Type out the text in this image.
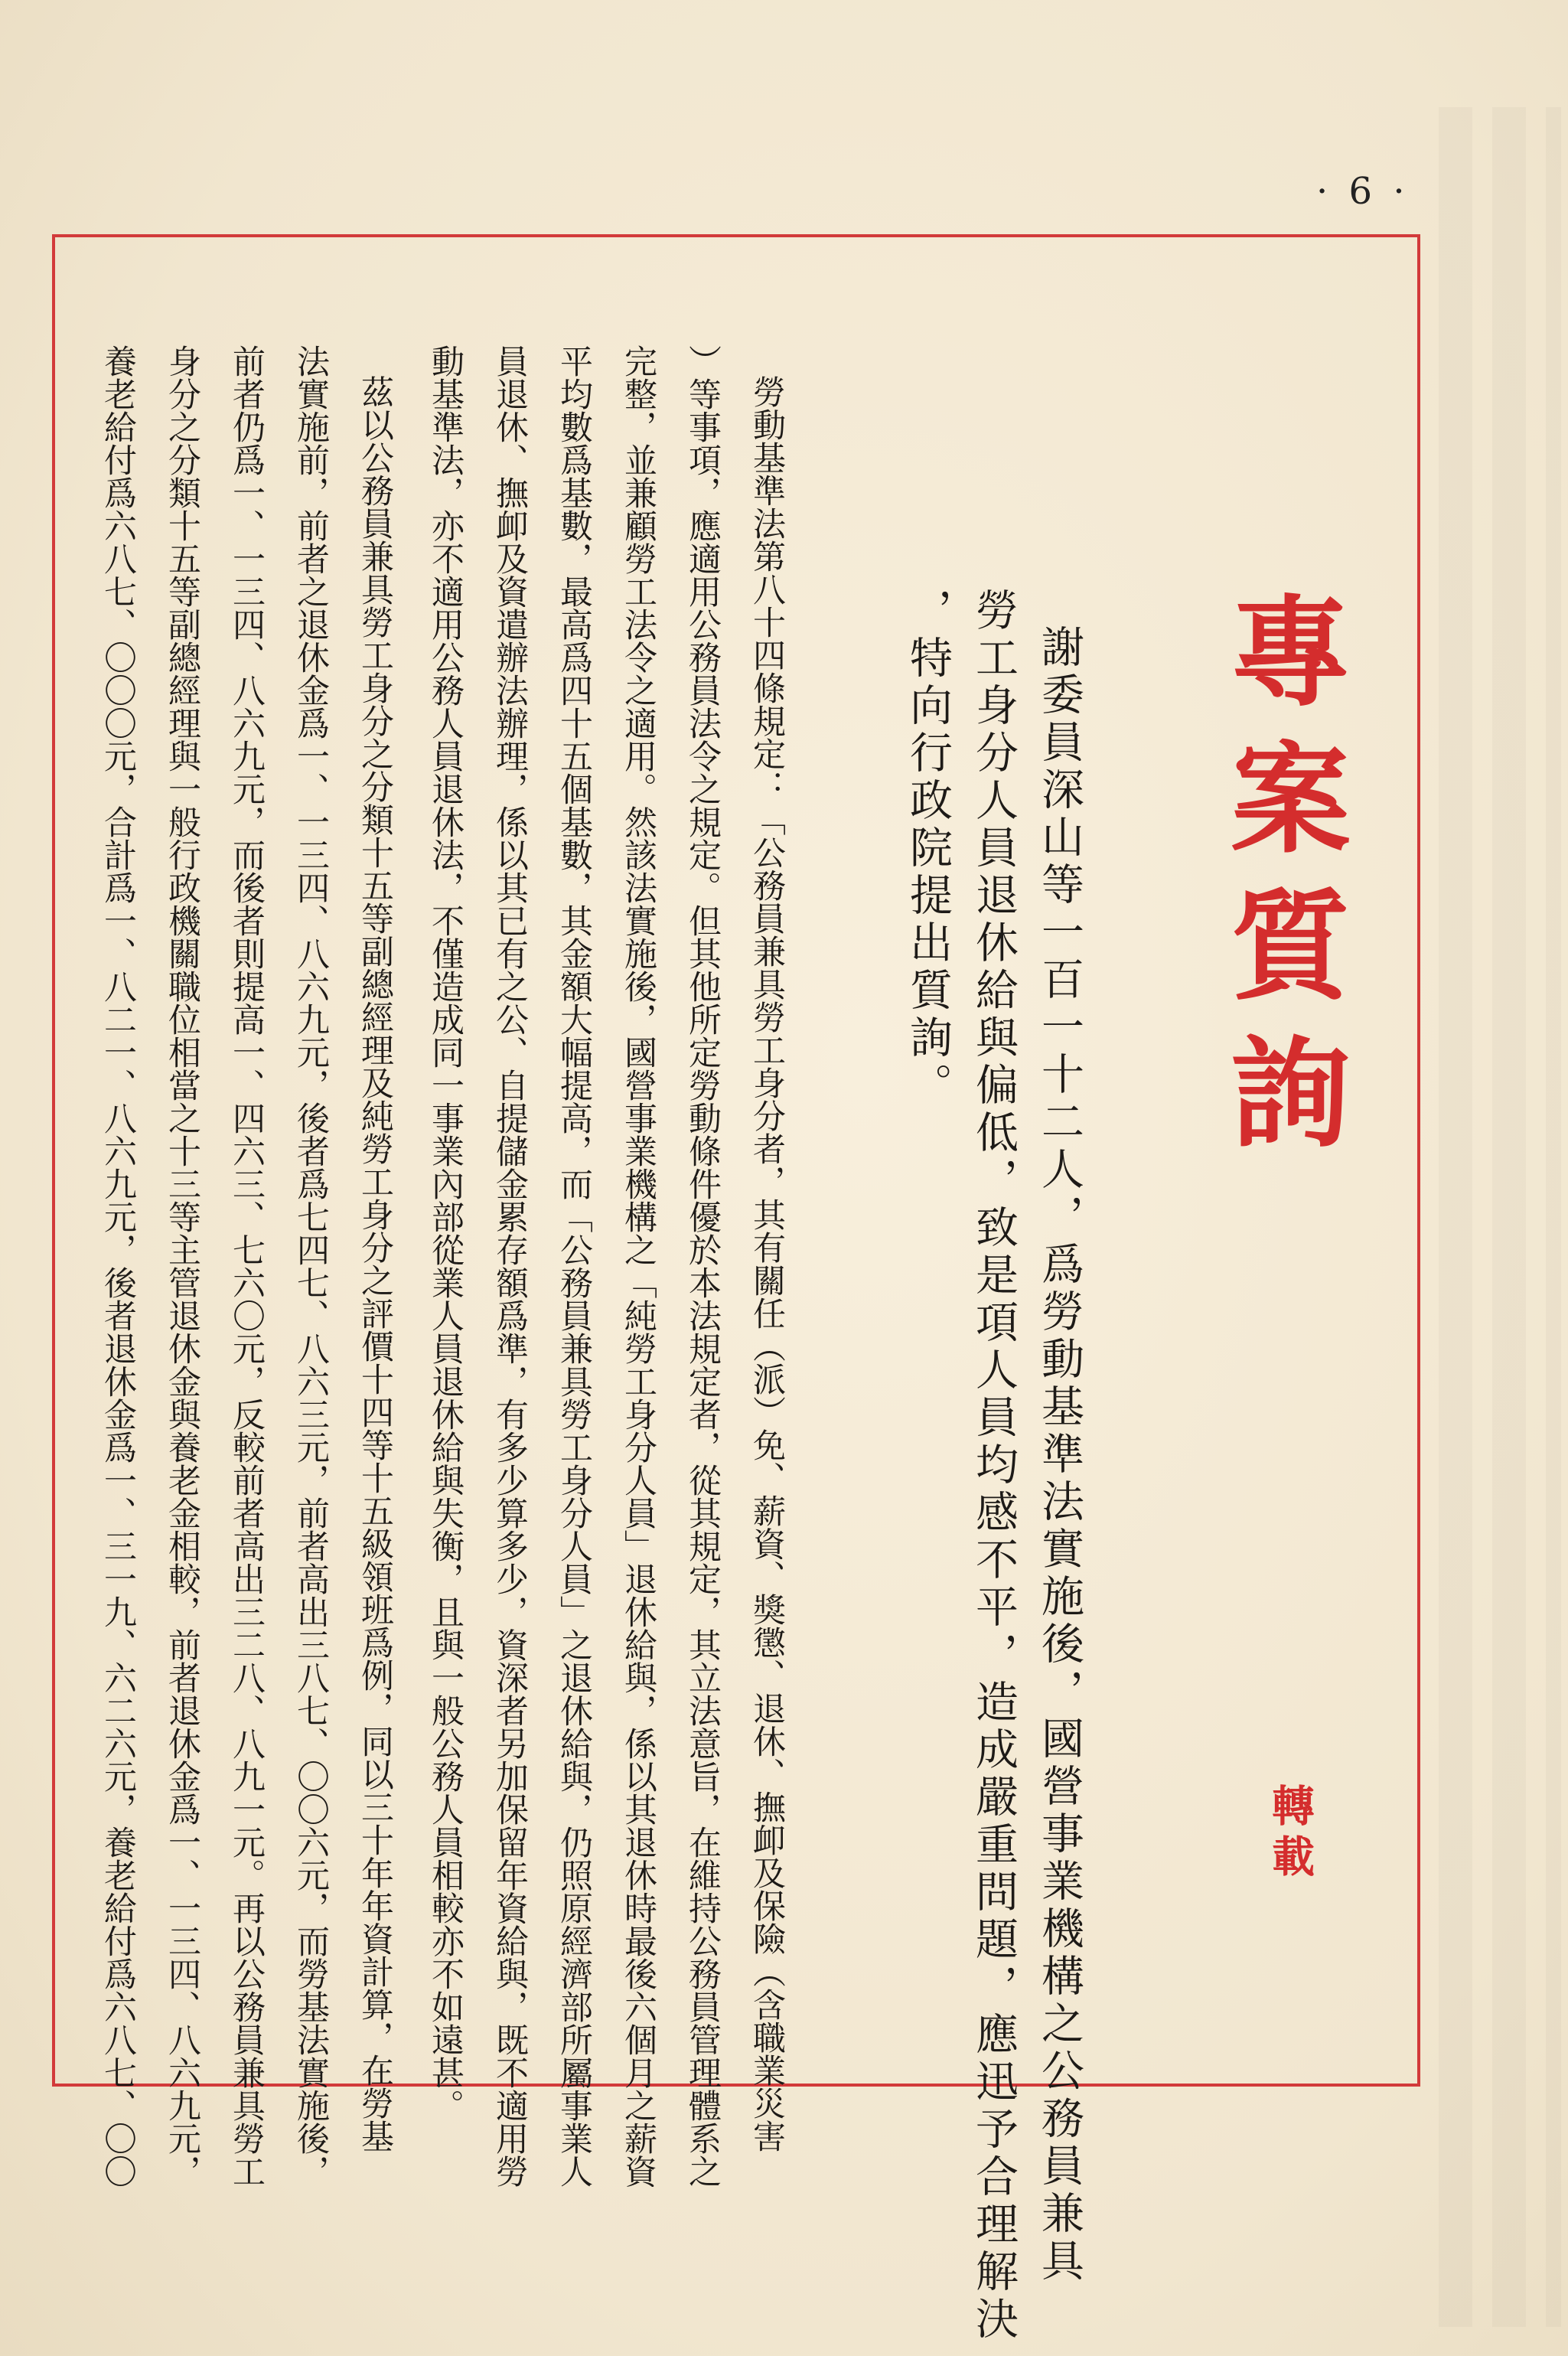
· 6 ·
專案質詢
轉載
謝委員深山等一百一十二人，爲勞動基準法實施後，國營事業機構之公務員兼具
勞工身分人員退休給與偏低，致是項人員均感不平，造成嚴重問題，應迅予合理解決
，特向行政院提出質詢。
勞動基準法第八十四條規定：「公務員兼具勞工身分者，其有關任（派）免、薪資、獎懲、退休、撫卹及保險（含職業災害
）等事項，應適用公務員法令之規定。但其他所定勞動條件優於本法規定者，從其規定，其立法意旨，在維持公務員管理體系之
完整，並兼顧勞工法令之適用。然該法實施後，國營事業機構之「純勞工身分人員」退休給與，係以其退休時最後六個月之薪資
平均數爲基數，最高爲四十五個基數，其金額大幅提高，而「公務員兼具勞工身分人員」之退休給與，仍照原經濟部所屬事業人
員退休、撫卹及資遣辦法辦理，係以其已有之公、自提儲金累存額爲準，有多少算多少，資深者另加保留年資給與，既不適用勞
動基準法，亦不適用公務人員退休法，不僅造成同一事業內部從業人員退休給與失衡，且與一般公務人員相較亦不如遠甚。
茲以公務員兼具勞工身分之分類十五等副總經理及純勞工身分之評價十四等十五級領班爲例，同以三十年年資計算，在勞基
法實施前，前者之退休金爲一、一三四、八六九元，後者爲七四七、八六三元，前者高出三八七、〇〇六元，而勞基法實施後，
前者仍爲一、一三四、八六九元，而後者則提高一、四六三、七六〇元，反較前者高出三二八、八九一元。再以公務員兼具勞工
身分之分類十五等副總經理與一般行政機關職位相當之十三等主管退休金與養老金相較，前者退休金爲一、一三四、八六九元，
養老給付爲六八七、〇〇〇元，合計爲一、八二一、八六九元，後者退休金爲一、三一九、六二六元，養老給付爲六八七、〇〇
